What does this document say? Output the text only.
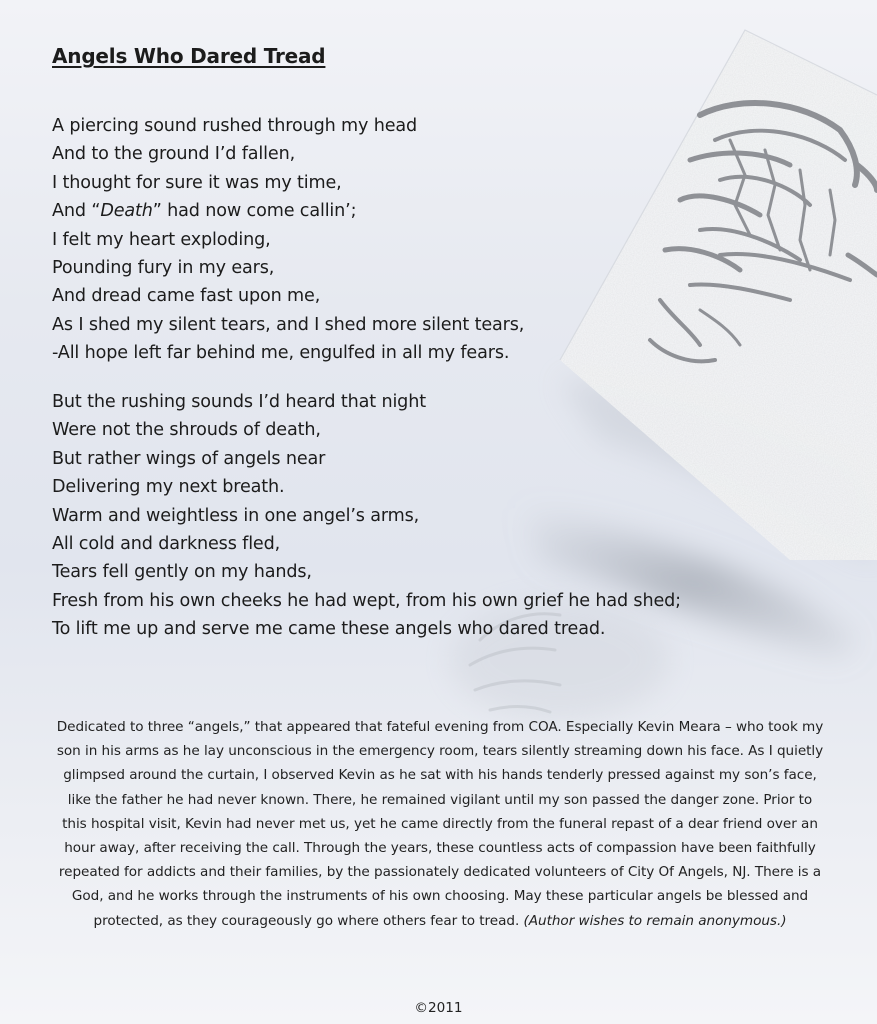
Angels Who Dared Tread
A piercing sound rushed through my head
And to the ground I’d fallen,
I thought for sure it was my time,
And “Death” had now come callin’;
I felt my heart exploding,
Pounding fury in my ears,
And dread came fast upon me,
As I shed my silent tears, and I shed more silent tears,
-All hope left far behind me, engulfed in all my fears.
But the rushing sounds I’d heard that night
Were not the shrouds of death,
But rather wings of angels near
Delivering my next breath.
Warm and weightless in one angel’s arms,
All cold and darkness fled,
Tears fell gently on my hands,
Fresh from his own cheeks he had wept, from his own grief he had shed;
To lift me up and serve me came these angels who dared tread.

Dedicated to three “angels,” that appeared that fateful evening from COA. Especially Kevin Meara – who took my son in his arms as he lay unconscious in the emergency room, tears silently streaming down his face. As I quietly glimpsed around the curtain, I observed Kevin as he sat with his hands tenderly pressed against my son’s face, like the father he had never known. There, he remained vigilant until my son passed the danger zone. Prior to this hospital visit, Kevin had never met us, yet he came directly from the funeral repast of a dear friend over an hour away, after receiving the call. Through the years, these countless acts of compassion have been faithfully repeated for addicts and their families, by the passionately dedicated volunteers of City Of Angels, NJ. There is a God, and he works through the instruments of his own choosing. May these particular angels be blessed and protected, as they courageously go where others fear to tread. (Author wishes to remain anonymous.)

©2011
